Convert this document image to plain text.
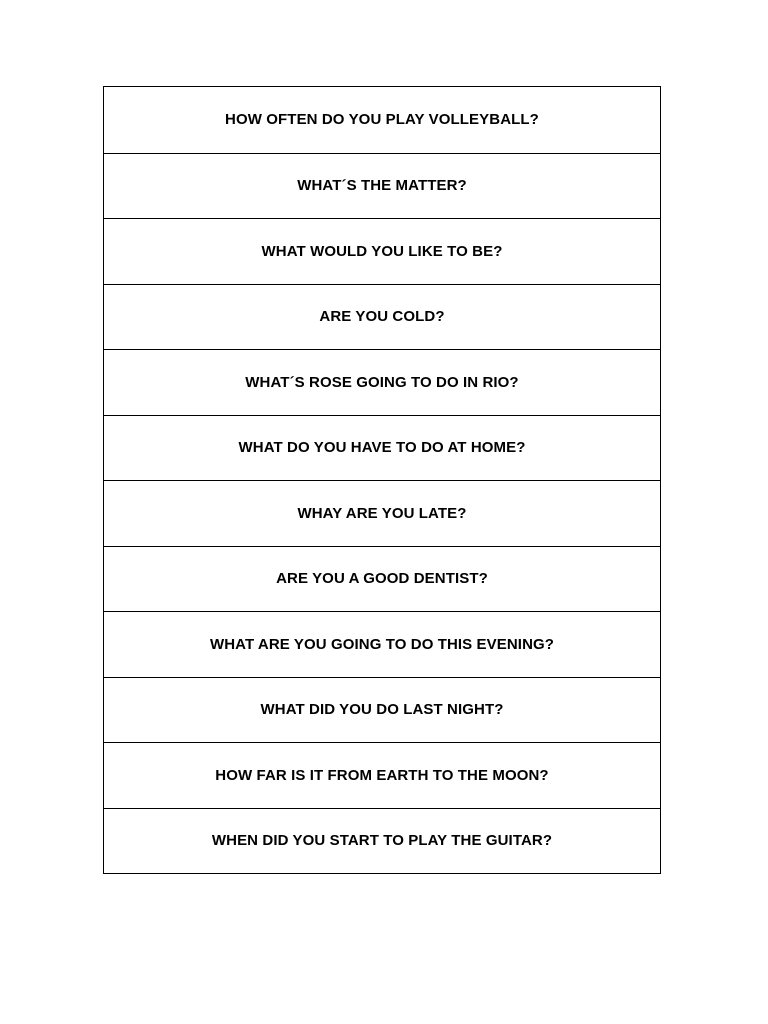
HOW OFTEN DO YOU PLAY VOLLEYBALL?
WHAT´S THE MATTER?
WHAT WOULD YOU LIKE TO BE?
ARE YOU COLD?
WHAT´S ROSE GOING TO DO IN RIO?
WHAT DO YOU HAVE TO DO AT HOME?
WHAY ARE YOU LATE?
ARE YOU A GOOD DENTIST?
WHAT ARE YOU GOING TO DO THIS EVENING?
WHAT DID YOU DO LAST NIGHT?
HOW FAR IS IT FROM EARTH TO THE MOON?
WHEN DID YOU START TO PLAY THE GUITAR?
